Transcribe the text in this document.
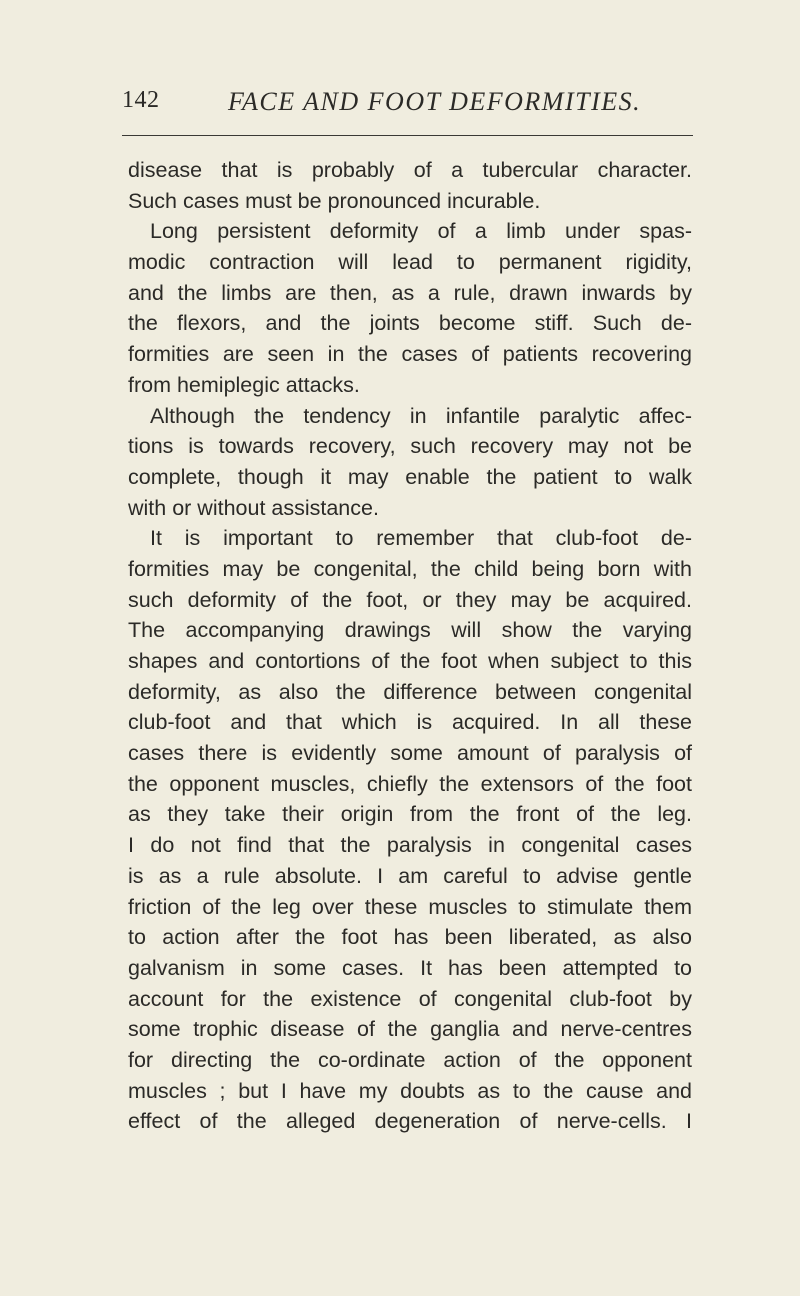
142	FACE AND FOOT DEFORMITIES.
disease that is probably of a tubercular character.
Such cases must be pronounced incurable.
Long persistent deformity of a limb under spas-
modic contraction will lead to permanent rigidity,
and the limbs are then, as a rule, drawn inwards by
the flexors, and the joints become stiff. Such de-
formities are seen in the cases of patients recovering
from hemiplegic attacks.
Although the tendency in infantile paralytic affec-
tions is towards recovery, such recovery may not be
complete, though it may enable the patient to walk
with or without assistance.
It is important to remember that club-foot de-
formities may be congenital, the child being born with
such deformity of the foot, or they may be acquired.
The accompanying drawings will show the varying
shapes and contortions of the foot when subject to this
deformity, as also the difference between congenital
club-foot and that which is acquired. In all these
cases there is evidently some amount of paralysis of
the opponent muscles, chiefly the extensors of the foot
as they take their origin from the front of the leg.
I do not find that the paralysis in congenital cases
is as a rule absolute. I am careful to advise gentle
friction of the leg over these muscles to stimulate them
to action after the foot has been liberated, as also
galvanism in some cases. It has been attempted to
account for the existence of congenital club-foot by
some trophic disease of the ganglia and nerve-centres
for directing the co-ordinate action of the opponent
muscles ; but I have my doubts as to the cause and
effect of the alleged degeneration of nerve-cells. I
